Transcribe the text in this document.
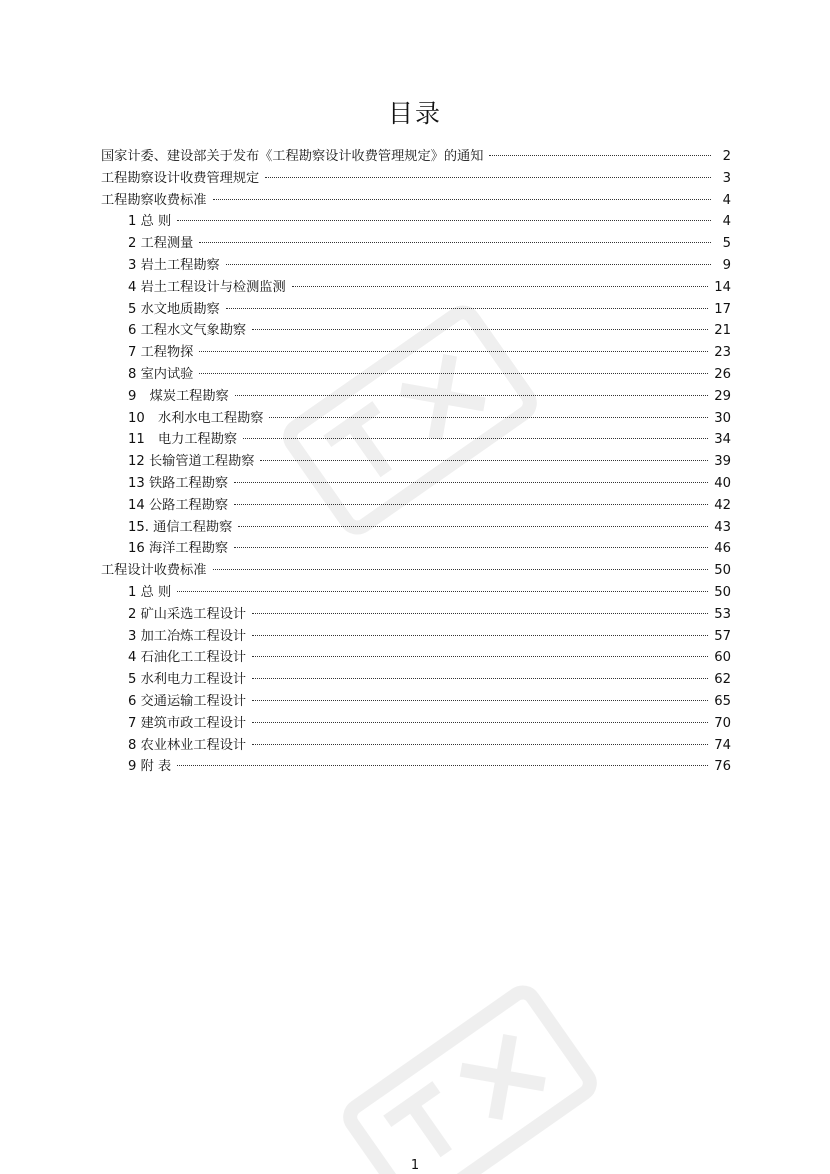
目录
国家计委、建设部关于发布《工程勘察设计收费管理规定》的通知	2
工程勘察设计收费管理规定	3
工程勘察收费标准	4
1 总 则	4
2 工程测量	5
3 岩土工程勘察	9
4 岩土工程设计与检测监测	14
5 水文地质勘察	17
6 工程水文气象勘察	21
7 工程物探	23
8 室内试验	26
9　煤炭工程勘察	29
10　水利水电工程勘察	30
11　电力工程勘察	34
12 长输管道工程勘察	39
13 铁路工程勘察	40
14 公路工程勘察	42
15. 通信工程勘察	43
16 海洋工程勘察	46
工程设计收费标准	50
1 总 则	50
2 矿山采选工程设计	53
3 加工冶炼工程设计	57
4 石油化工工程设计	60
5 水利电力工程设计	62
6 交通运输工程设计	65
7 建筑市政工程设计	70
8 农业林业工程设计	74
9 附 表	76
1
